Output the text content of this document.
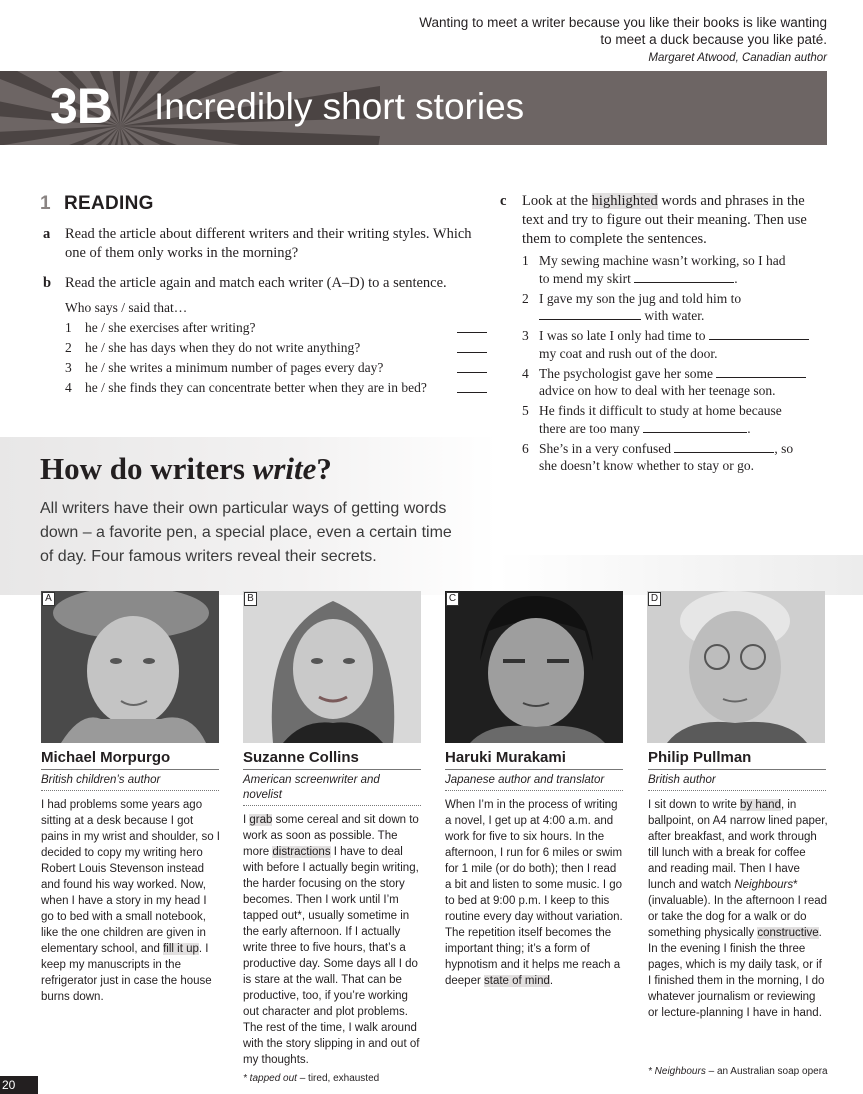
Wanting to meet a writer because you like their books is like wanting to meet a duck because you like paté.
Margaret Atwood, Canadian author
3B Incredibly short stories
1 READING
a Read the article about different writers and their writing styles. Which one of them only works in the morning?
b Read the article again and match each writer (A–D) to a sentence.
Who says / said that…
1 he / she exercises after writing?
2 he / she has days when they do not write anything?
3 he / she writes a minimum number of pages every day?
4 he / she finds they can concentrate better when they are in bed?
c Look at the highlighted words and phrases in the text and try to figure out their meaning. Then use them to complete the sentences.
1 My sewing machine wasn’t working, so I had
to mend my skirt	.
2 I gave my son the jug and told him to
with water.
3 I was so late I only had time to
my coat and rush out of the door.
4 The psychologist gave her some
advice on how to deal with her teenage son.
5 He finds it difficult to study at home because
there are too many	.
6 She’s in a very confused	, so
she doesn’t know whether to stay or go.
How do writers write?
All writers have their own particular ways of getting words down – a favorite pen, a special place, even a certain time of day. Four famous writers reveal their secrets.
A	B	C	D
Michael Morpurgo
British children’s author
I had problems some years ago sitting at a desk because I got pains in my wrist and shoulder, so I decided to copy my writing hero Robert Louis Stevenson instead and found his way worked. Now, when I have a story in my head I go to bed with a small notebook, like the one children are given in elementary school, and fill it up. I keep my manuscripts in the refrigerator just in case the house burns down.
Suzanne Collins
American screenwriter and novelist
I grab some cereal and sit down to work as soon as possible. The more distractions I have to deal with before I actually begin writing, the harder focusing on the story becomes. Then I work until I’m tapped out*, usually sometime in the early afternoon. If I actually write three to five hours, that’s a productive day. Some days all I do is stare at the wall. That can be productive, too, if you’re working out character and plot problems. The rest of the time, I walk around with the story slipping in and out of my thoughts.
* tapped out – tired, exhausted
Haruki Murakami
Japanese author and translator
When I’m in the process of writing a novel, I get up at 4:00 a.m. and work for five to six hours. In the afternoon, I run for 6 miles or swim for 1 mile (or do both); then I read a bit and listen to some music. I go to bed at 9:00 p.m. I keep to this routine every day without variation. The repetition itself becomes the important thing; it’s a form of hypnotism and it helps me reach a deeper state of mind.
Philip Pullman
British author
I sit down to write by hand, in ballpoint, on A4 narrow lined paper, after breakfast, and work through till lunch with a break for coffee and reading mail. Then I have lunch and watch Neighbours* (invaluable). In the afternoon I read or take the dog for a walk or do something physically constructive. In the evening I finish the three pages, which is my daily task, or if I finished them in the morning, I do whatever journalism or reviewing or lecture-planning I have in hand.
* Neighbours – an Australian soap opera
20
